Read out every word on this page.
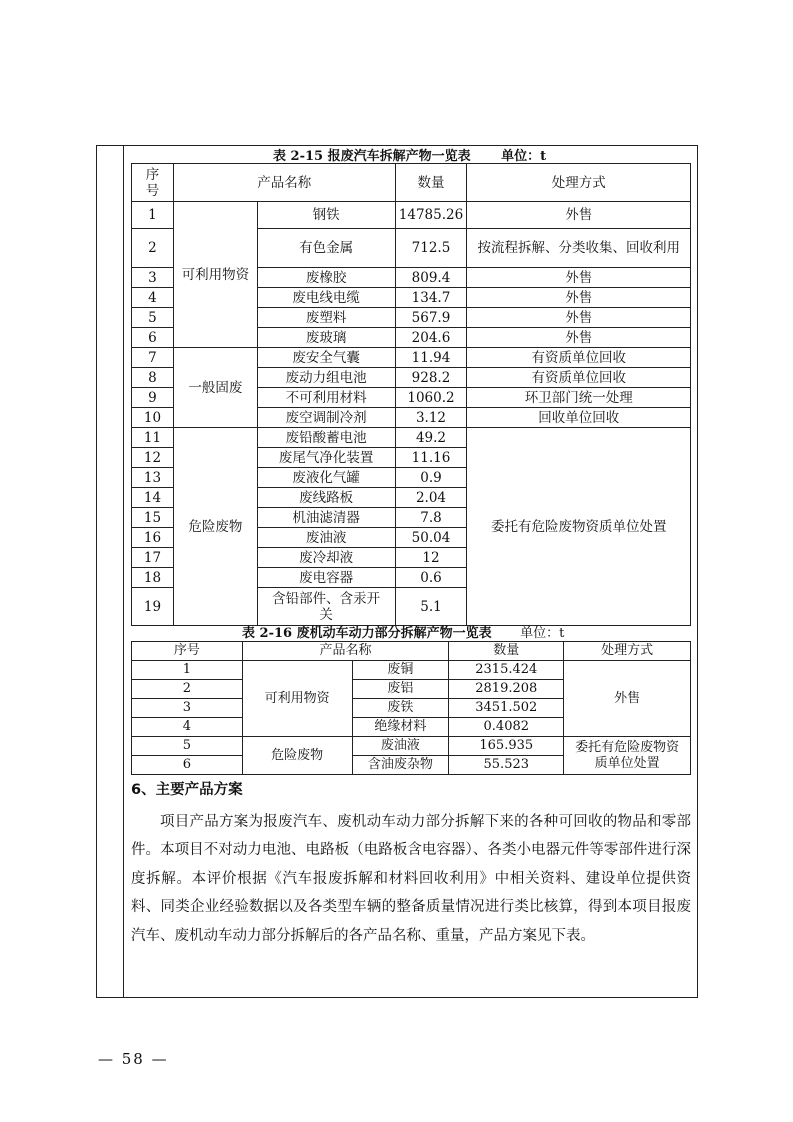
表 2-15 报废汽车拆解产物一览表 单位：t
序号	产品名称		数量	处理方式
1	可利用物资	钢铁	14785.26	外售
2		有色金属	712.5	按流程拆解、分类收集、回收利用
3		废橡胶	809.4	外售
4		废电线电缆	134.7	外售
5		废塑料	567.9	外售
6		废玻璃	204.6	外售
7	一般固废	废安全气囊	11.94	有资质单位回收
8		废动力组电池	928.2	有资质单位回收
9		不可利用材料	1060.2	环卫部门统一处理
10		废空调制冷剂	3.12	回收单位回收
11	危险废物	废铅酸蓄电池	49.2	委托有危险废物资质单位处置
12		废尾气净化装置	11.16	
13		废液化气罐	0.9	
14		废线路板	2.04	
15		机油滤清器	7.8	
16		废油液	50.04	
17		废冷却液	12	
18		废电容器	0.6	
19		含铅部件、含汞开关	5.1	
表 2-16 废机动车动力部分拆解产物一览表 单位：t
序号	产品名称		数量	处理方式
1	可利用物资	废铜	2315.424	外售
2		废铝	2819.208	
3		废铁	3451.502	
4		绝缘材料	0.4082	
5	危险废物	废油液	165.935	委托有危险废物资质单位处置
6		含油废杂物	55.523	
6、主要产品方案

项目产品方案为报废汽车、废机动车动力部分拆解下来的各种可回收的物品和零部件。本项目不对动力电池、电路板（电路板含电容器）、各类小电器元件等零部件进行深度拆解。本评价根据《汽车报废拆解和材料回收利用》中相关资料、建设单位提供资料、同类企业经验数据以及各类型车辆的整备质量情况进行类比核算，得到本项目报废汽车、废机动车动力部分拆解后的各产品名称、重量，产品方案见下表。

— 58 —
